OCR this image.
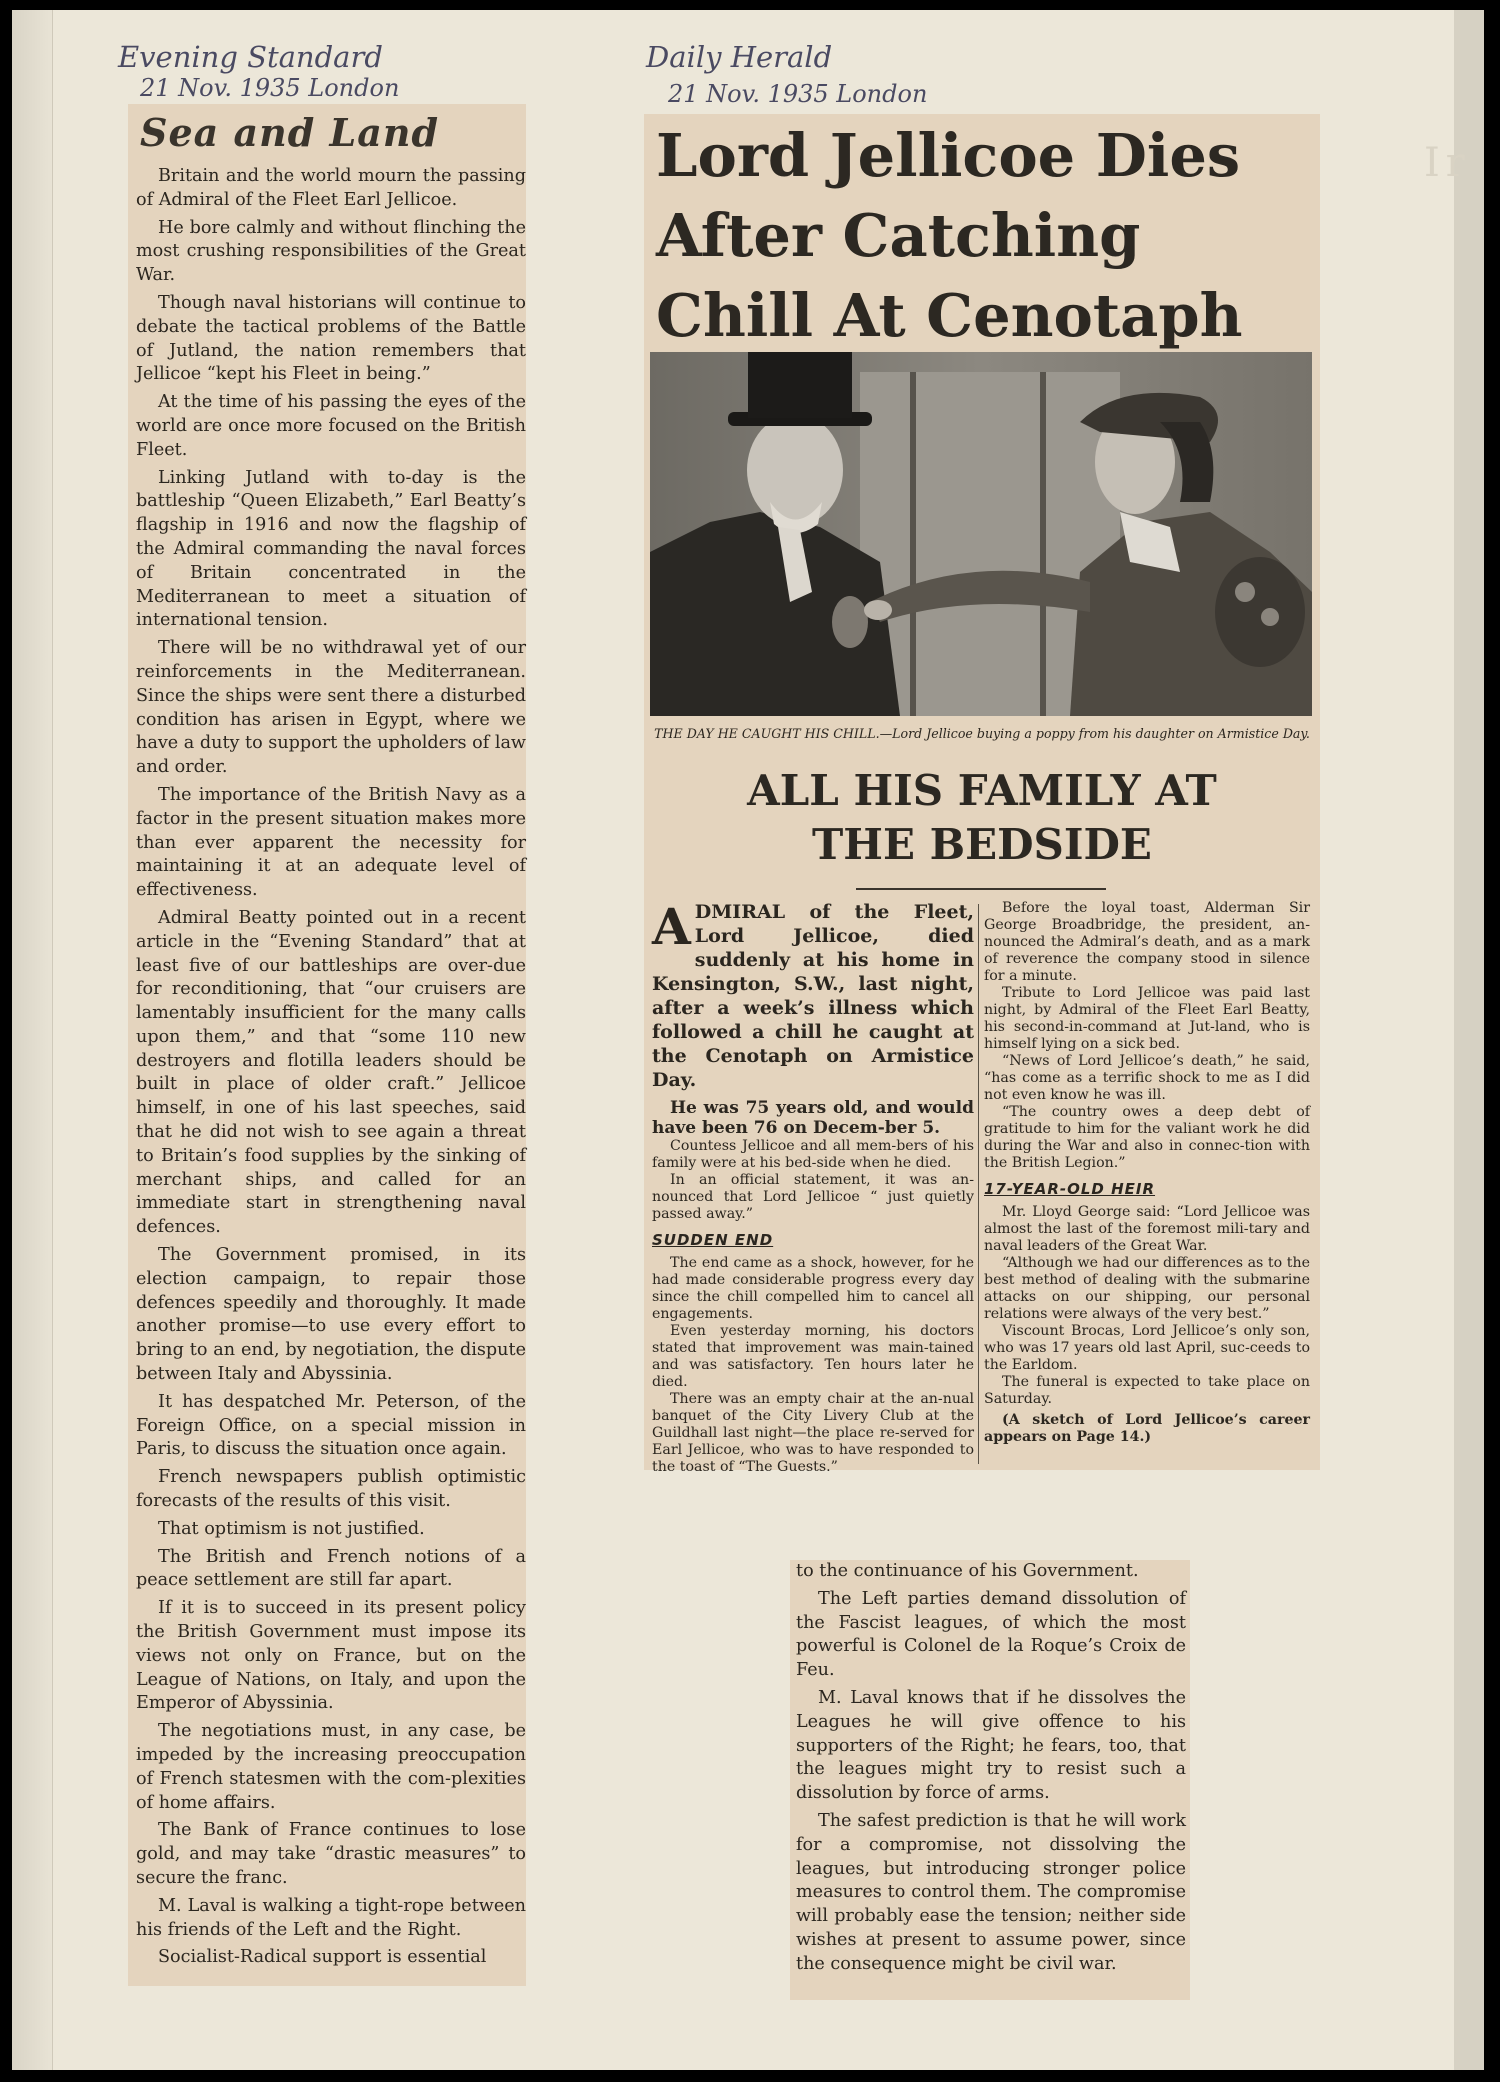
Ir
Evening Standard
21 Nov. 1935 London
Daily Herald
21 Nov. 1935 London
Sea and Land

Britain and the world mourn the passing of Admiral of the Fleet Earl Jellicoe.

He bore calmly and without flinching the most crushing responsibilities of the Great War.

Though naval historians will continue to debate the tactical problems of the Battle of Jutland, the nation remembers that Jellicoe “kept his Fleet in being.”

At the time of his passing the eyes of the world are once more focused on the British Fleet.

Linking Jutland with to-day is the battleship “Queen Elizabeth,” Earl Beatty’s flagship in 1916 and now the flagship of the Admiral commanding the naval forces of Britain concentrated in the Mediterranean to meet a situation of international tension.

There will be no withdrawal yet of our reinforcements in the Mediterranean. Since the ships were sent there a disturbed condition has arisen in Egypt, where we have a duty to support the upholders of law and order.

The importance of the British Navy as a factor in the present situation makes more than ever apparent the necessity for maintaining it at an adequate level of effectiveness.

Admiral Beatty pointed out in a recent article in the “Evening Standard” that at least five of our battleships are over-due for reconditioning, that “our cruisers are lamentably insufficient for the many calls upon them,” and that “some 110 new destroyers and flotilla leaders should be built in place of older craft.” Jellicoe himself, in one of his last speeches, said that he did not wish to see again a threat to Britain’s food supplies by the sinking of merchant ships, and called for an immediate start in strengthening naval defences.

The Government promised, in its election campaign, to repair those defences speedily and thoroughly. It made another promise—to use every effort to bring to an end, by negotiation, the dispute between Italy and Abyssinia.

It has despatched Mr. Peterson, of the Foreign Office, on a special mission in Paris, to discuss the situation once again.

French newspapers publish optimistic forecasts of the results of this visit.

That optimism is not justified.

The British and French notions of a peace settlement are still far apart.

If it is to succeed in its present policy the British Government must impose its views not only on France, but on the League of Nations, on Italy, and upon the Emperor of Abyssinia.

The negotiations must, in any case, be impeded by the increasing preoccupation of French statesmen with the com-plexities of home affairs.

The Bank of France continues to lose gold, and may take “drastic measures” to secure the franc.

M. Laval is walking a tight-rope between his friends of the Left and the Right.

Socialist-Radical support is essential

to the continuance of his Government.

The Left parties demand dissolution of the Fascist leagues, of which the most powerful is Colonel de la Roque’s Croix de Feu.

M. Laval knows that if he dissolves the Leagues he will give offence to his supporters of the Right; he fears, too, that the leagues might try to resist such a dissolution by force of arms.

The safest prediction is that he will work for a compromise, not dissolving the leagues, but introducing stronger police measures to control them. The compromise will probably ease the tension; neither side wishes at present to assume power, since the consequence might be civil war.

Lord Jellicoe Dies
After Catching
Chill At Cenotaph
THE DAY HE CAUGHT HIS CHILL.—Lord Jellicoe buying a poppy from his daughter on Armistice Day.
ALL HIS FAMILY AT
THE BEDSIDE

ADMIRAL of the Fleet, Lord Jellicoe, died suddenly at his home in Kensington, S.W., last night, after a week’s illness which followed a chill he caught at the Cenotaph on Armistice Day.

He was 75 years old, and would have been 76 on Decem-ber 5.

Countess Jellicoe and all mem-bers of his family were at his bed-side when he died.

In an official statement, it was an-nounced that Lord Jellicoe “ just quietly passed away.”

SUDDEN END

The end came as a shock, however, for he had made considerable progress every day since the chill compelled him to cancel all engagements.

Even yesterday morning, his doctors stated that improvement was main-tained and was satisfactory. Ten hours later he died.

There was an empty chair at the an-nual banquet of the City Livery Club at the Guildhall last night—the place re-served for Earl Jellicoe, who was to have responded to the toast of “The Guests.”

Before the loyal toast, Alderman Sir George Broadbridge, the president, an-nounced the Admiral’s death, and as a mark of reverence the company stood in silence for a minute.

Tribute to Lord Jellicoe was paid last night, by Admiral of the Fleet Earl Beatty, his second-in-command at Jut-land, who is himself lying on a sick bed.

“News of Lord Jellicoe’s death,” he said, “has come as a terrific shock to me as I did not even know he was ill.

“The country owes a deep debt of gratitude to him for the valiant work he did during the War and also in connec-tion with the British Legion.”

17-YEAR-OLD HEIR

Mr. Lloyd George said: “Lord Jellicoe was almost the last of the foremost mili-tary and naval leaders of the Great War.

“Although we had our differences as to the best method of dealing with the submarine attacks on our shipping, our personal relations were always of the very best.”

Viscount Brocas, Lord Jellicoe’s only son, who was 17 years old last April, suc-ceeds to the Earldom.

The funeral is expected to take place on Saturday.

(A sketch of Lord Jellicoe’s career appears on Page 14.)
